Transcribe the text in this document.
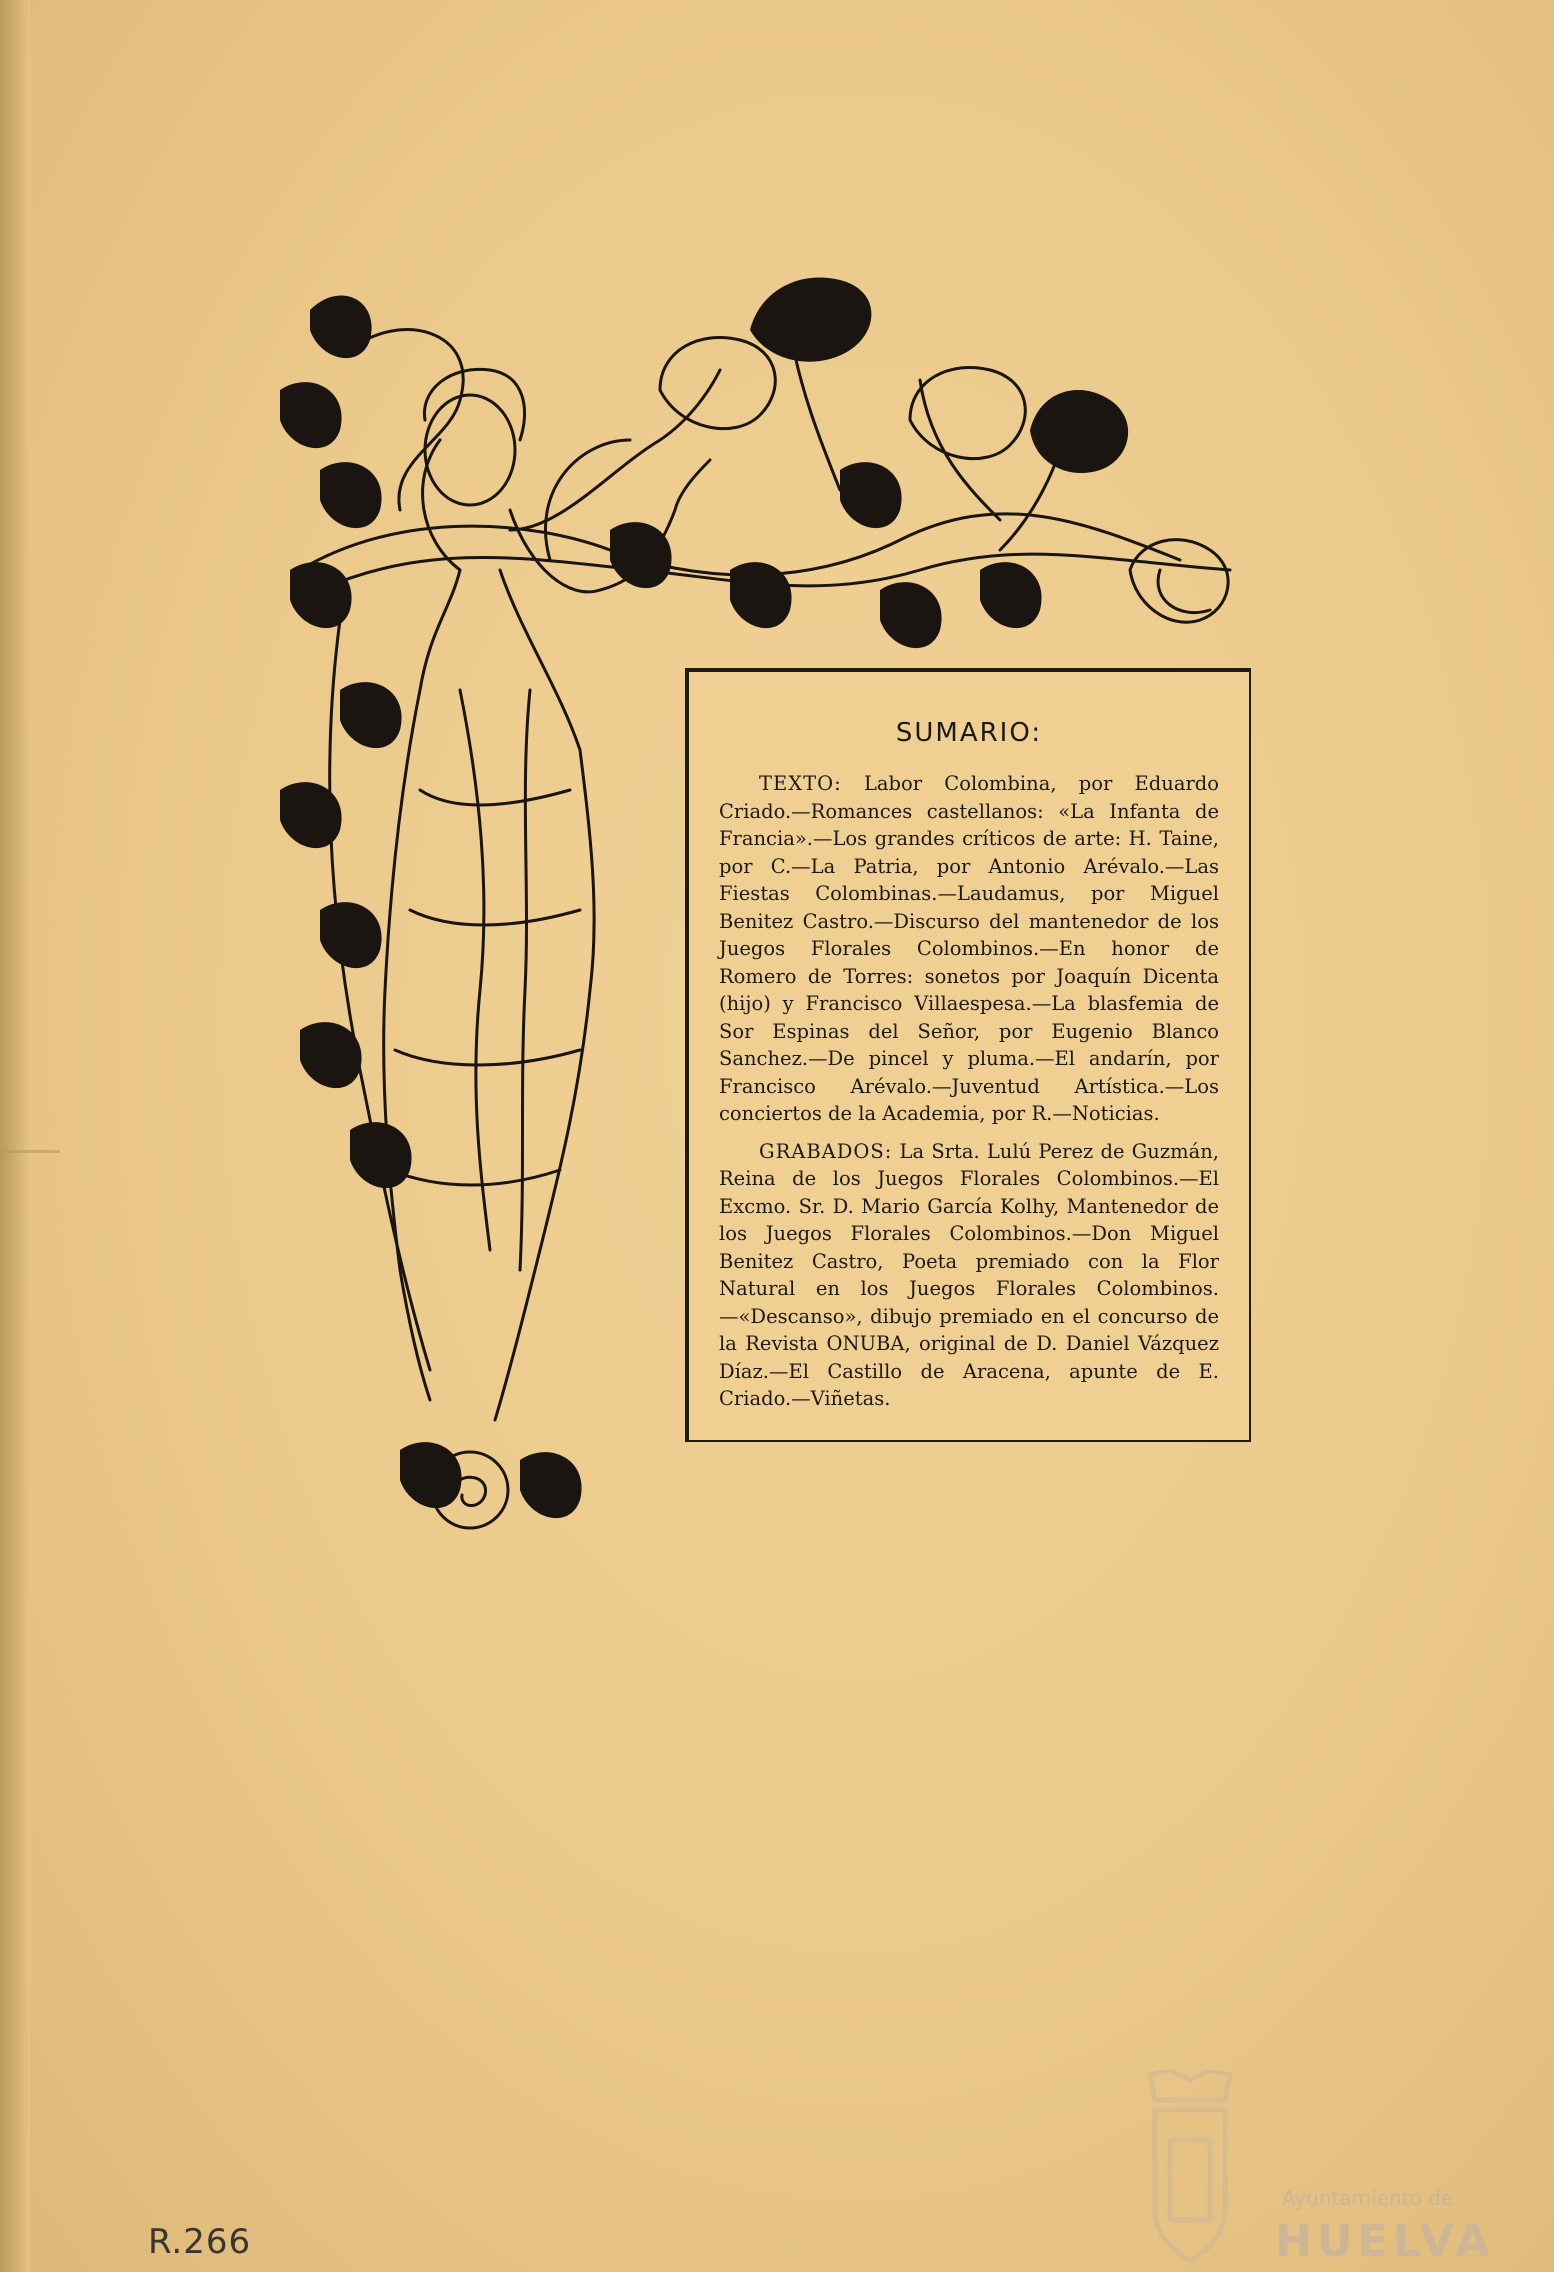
SUMARIO:

TEXTO: Labor Colombina, por Eduardo Criado.—Romances castellanos: «La Infanta de Francia».—Los grandes críticos de arte: H. Taine, por C.—La Patria, por Antonio Arévalo.—Las Fiestas Colombinas.—Laudamus, por Miguel Benitez Castro.—Discurso del mantenedor de los Juegos Florales Colombinos.—En honor de Romero de Torres: sonetos por Joaquín Dicenta (hijo) y Francisco Villaespesa.—La blasfemia de Sor Espinas del Señor, por Eugenio Blanco Sanchez.—De pincel y pluma.—El andarín, por Francisco Arévalo.—Juventud Artística.—Los conciertos de la Academia, por R.—Noticias.

GRABADOS: La Srta. Lulú Perez de Guzmán, Reina de los Juegos Florales Colombinos.—El Excmo. Sr. D. Mario García Kolhy, Mantenedor de los Juegos Florales Colombinos.—Don Miguel Benitez Castro, Poeta premiado con la Flor Natural en los Juegos Florales Colombinos.—«Descanso», dibujo premiado en el concurso de la Revista ONUBA, original de D. Daniel Vázquez Díaz.—El Castillo de Aracena, apunte de E. Criado.—Viñetas.

R.266
Ayuntamiento de
HUELVA
